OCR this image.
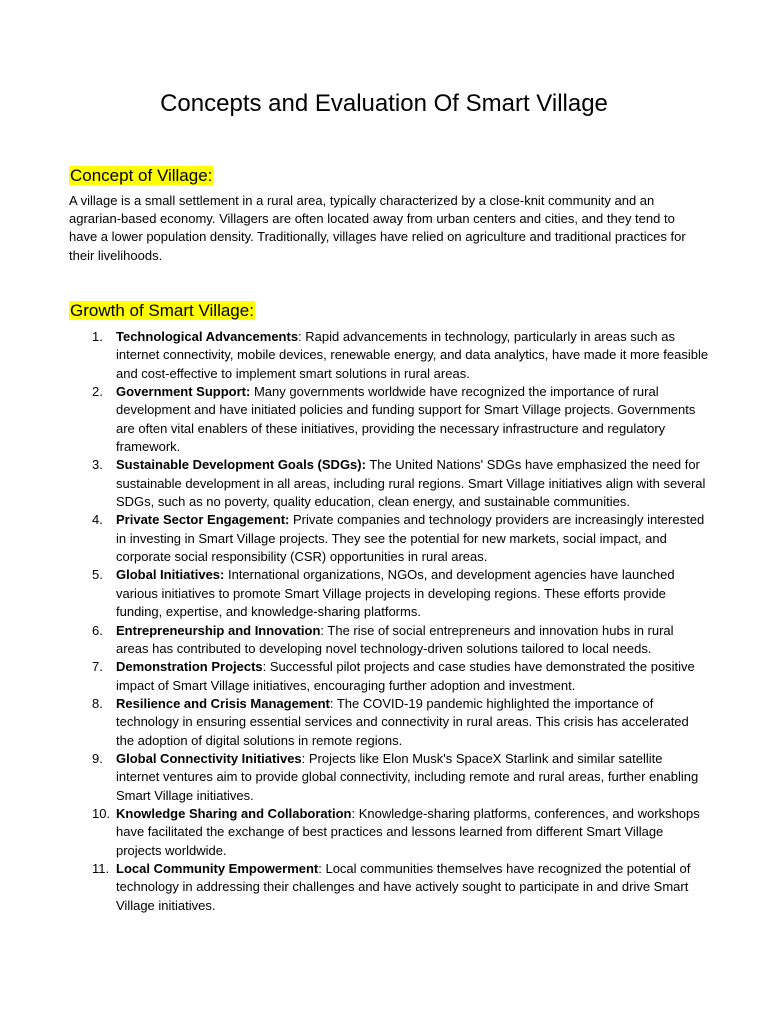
Concepts and Evaluation Of Smart Village
Concept of Village:

A village is a small settlement in a rural area, typically characterized by a close-knit community and an agrarian-based economy. Villagers are often located away from urban centers and cities, and they tend to have a lower population density. Traditionally, villages have relied on agriculture and traditional practices for their livelihoods.

Growth of Smart Village:
1. Technological Advancements: Rapid advancements in technology, particularly in areas such as internet connectivity, mobile devices, renewable energy, and data analytics, have made it more feasible and cost-effective to implement smart solutions in rural areas.
2. Government Support: Many governments worldwide have recognized the importance of rural development and have initiated policies and funding support for Smart Village projects. Governments are often vital enablers of these initiatives, providing the necessary infrastructure and regulatory framework.
3. Sustainable Development Goals (SDGs): The United Nations' SDGs have emphasized the need for sustainable development in all areas, including rural regions. Smart Village initiatives align with several SDGs, such as no poverty, quality education, clean energy, and sustainable communities.
4. Private Sector Engagement: Private companies and technology providers are increasingly interested in investing in Smart Village projects. They see the potential for new markets, social impact, and corporate social responsibility (CSR) opportunities in rural areas.
5. Global Initiatives: International organizations, NGOs, and development agencies have launched various initiatives to promote Smart Village projects in developing regions. These efforts provide funding, expertise, and knowledge-sharing platforms.
6. Entrepreneurship and Innovation: The rise of social entrepreneurs and innovation hubs in rural areas has contributed to developing novel technology-driven solutions tailored to local needs.
7. Demonstration Projects: Successful pilot projects and case studies have demonstrated the positive impact of Smart Village initiatives, encouraging further adoption and investment.
8. Resilience and Crisis Management: The COVID-19 pandemic highlighted the importance of technology in ensuring essential services and connectivity in rural areas. This crisis has accelerated the adoption of digital solutions in remote regions.
9. Global Connectivity Initiatives: Projects like Elon Musk's SpaceX Starlink and similar satellite internet ventures aim to provide global connectivity, including remote and rural areas, further enabling Smart Village initiatives.
10. Knowledge Sharing and Collaboration: Knowledge-sharing platforms, conferences, and workshops have facilitated the exchange of best practices and lessons learned from different Smart Village projects worldwide.
11. Local Community Empowerment: Local communities themselves have recognized the potential of technology in addressing their challenges and have actively sought to participate in and drive Smart Village initiatives.
